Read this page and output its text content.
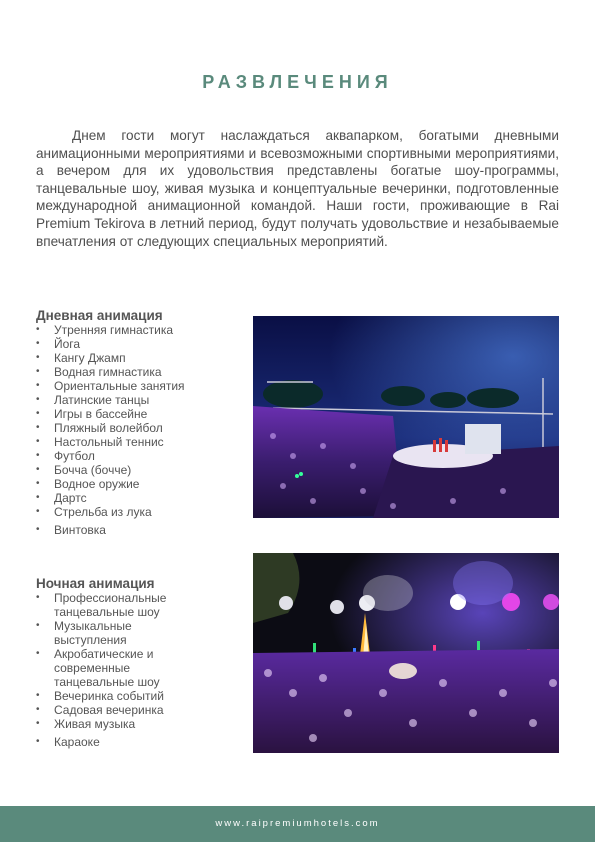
РАЗВЛЕЧЕНИЯ
Днем гости могут наслаждаться аквапарком, богатыми дневными анимационными мероприятиями и всевозможными спортивными мероприятиями, а вечером для их удовольствия представлены богатые шоу-программы, танцевальные шоу, живая музыка и концептуальные вечеринки, подготовленные международной анимационной командой. Наши гости, проживающие в Rai Premium Tekirova в летний период, будут получать удовольствие и незабываемые впечатления от следующих специальных мероприятий.
Дневная анимация
• Утренняя гимнастика
• Йога
• Кангу Джамп
• Водная гимнастика
• Ориентальные занятия
• Латинские танцы
• Игры в бассейне
• Пляжный волейбол
• Настольный теннис
• Футбол
• Бочча (бочче)
• Водное оружие
• Дартс
• Стрельба из лука
• Винтовка
Ночная анимация
• Профессиональные танцевальные шоу
• Музыкальные выступления
• Акробатические и современные танцевальные шоу
• Вечеринка событий
• Садовая вечеринка
• Живая музыка
• Караоке
www.raipremiumhotels.com
